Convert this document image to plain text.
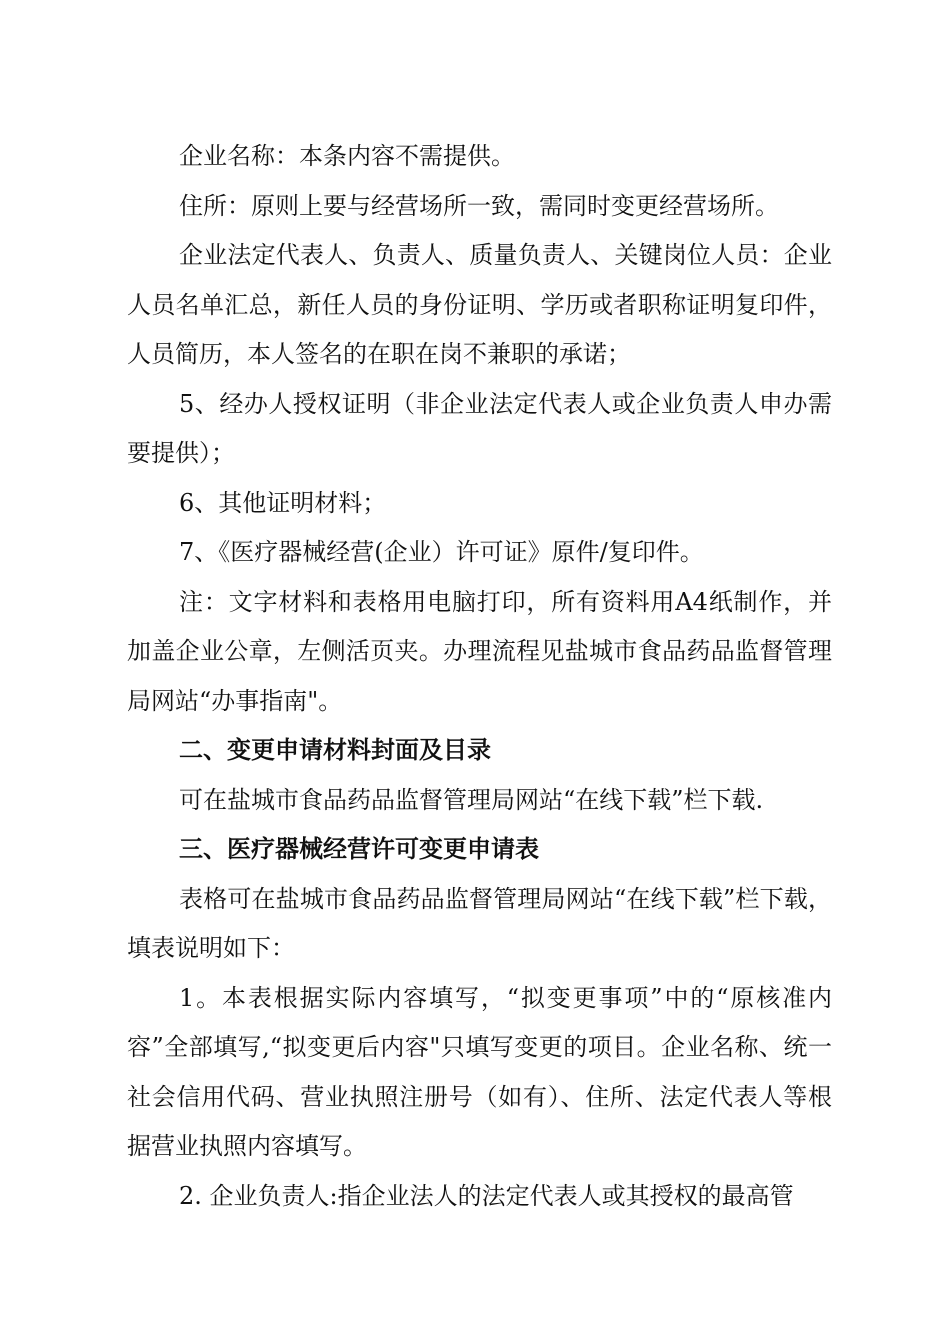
企业名称：本条内容不需提供。

住所：原则上要与经营场所一致，需同时变更经营场所。

企业法定代表人、负责人、质量负责人、关键岗位人员：企业人员名单汇总，新任人员的身份证明、学历或者职称证明复印件，人员简历，本人签名的在职在岗不兼职的承诺；

5、经办人授权证明（非企业法定代表人或企业负责人申办需要提供）；

6、其他证明材料；

7、《医疗器械经营(企业）许可证》原件/复印件。

注：文字材料和表格用电脑打印，所有资料用A4纸制作，并加盖企业公章，左侧活页夹。办理流程见盐城市食品药品监督管理局网站“办事指南"。

二、变更申请材料封面及目录

可在盐城市食品药品监督管理局网站“在线下载”栏下载.

三、医疗器械经营许可变更申请表

表格可在盐城市食品药品监督管理局网站“在线下载”栏下载，填表说明如下：

1。本表根据实际内容填写，“拟变更事项”中的“原核准内容”全部填写,“拟变更后内容"只填写变更的项目。企业名称、统一社会信用代码、营业执照注册号（如有）、住所、法定代表人等根据营业执照内容填写。

2. 企业负责人:指企业法人的法定代表人或其授权的最高管
